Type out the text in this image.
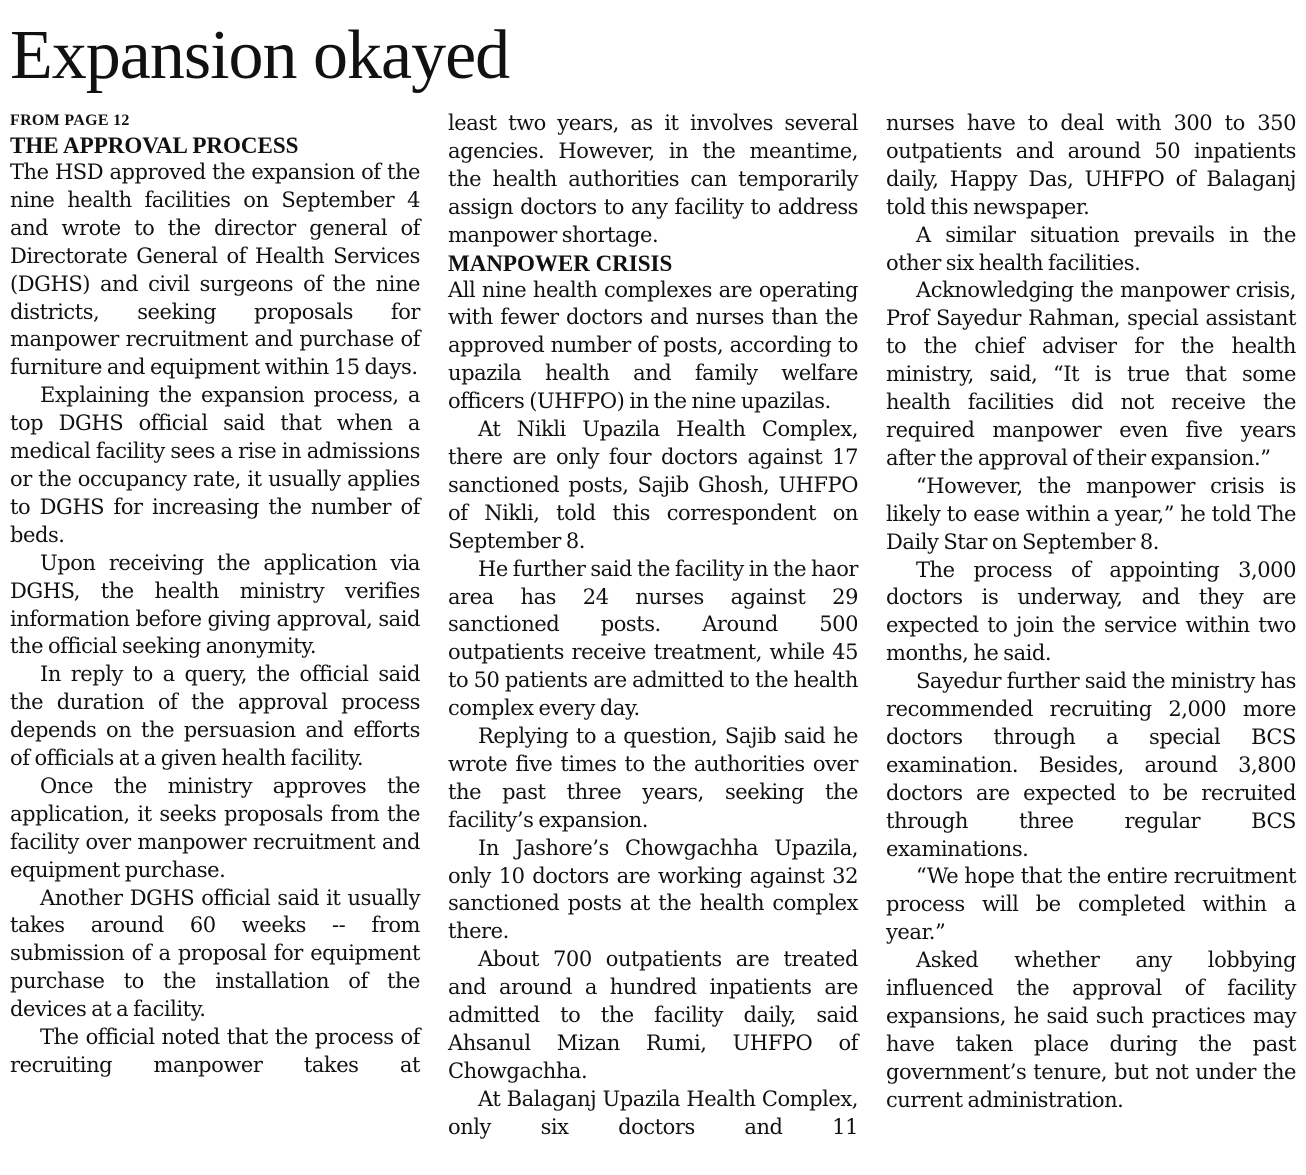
Expansion okayed

FROM PAGE 12

THE APPROVAL PROCESS

The HSD approved the expansion of the nine health facilities on September 4 and wrote to the director general of Directorate General of Health Services (DGHS) and civil surgeons of the nine districts, seeking proposals for manpower recruitment and purchase of furniture and equipment within 15 days.

Explaining the expansion process, a top DGHS official said that when a medical facility sees a rise in admissions or the occupancy rate, it usually applies to DGHS for increasing the number of beds.

Upon receiving the application via DGHS, the health ministry verifies information before giving approval, said the official seeking anonymity.

In reply to a query, the official said the duration of the approval process depends on the persuasion and efforts of officials at a given health facility.

Once the ministry approves the application, it seeks proposals from the facility over manpower recruitment and equipment purchase.

Another DGHS official said it usually takes around 60 weeks -- from submission of a proposal for equipment purchase to the installation of the devices at a facility.

The official noted that the process of recruiting manpower takes at

least two years, as it involves several agencies. However, in the meantime, the health authorities can temporarily assign doctors to any facility to address manpower shortage.

MANPOWER CRISIS

All nine health complexes are operating with fewer doctors and nurses than the approved number of posts, according to upazila health and family welfare officers (UHFPO) in the nine upazilas.

At Nikli Upazila Health Complex, there are only four doctors against 17 sanctioned posts, Sajib Ghosh, UHFPO of Nikli, told this correspondent on September 8.

He further said the facility in the haor area has 24 nurses against 29 sanctioned posts. Around 500 outpatients receive treatment, while 45 to 50 patients are admitted to the health complex every day.

Replying to a question, Sajib said he wrote five times to the authorities over the past three years, seeking the facility’s expansion.

In Jashore’s Chowgachha Upazila, only 10 doctors are working against 32 sanctioned posts at the health complex there.

About 700 outpatients are treated and around a hundred inpatients are admitted to the facility daily, said Ahsanul Mizan Rumi, UHFPO of Chowgachha.

At Balaganj Upazila Health Complex, only six doctors and 11

nurses have to deal with 300 to 350 outpatients and around 50 inpatients daily, Happy Das, UHFPO of Balaganj told this newspaper.

A similar situation prevails in the other six health facilities.

Acknowledging the manpower crisis, Prof Sayedur Rahman, special assistant to the chief adviser for the health ministry, said, “It is true that some health facilities did not receive the required manpower even five years after the approval of their expansion.”

“However, the manpower crisis is likely to ease within a year,” he told The Daily Star on September 8.

The process of appointing 3,000 doctors is underway, and they are expected to join the service within two months, he said.

Sayedur further said the ministry has recommended recruiting 2,000 more doctors through a special BCS examination. Besides, around 3,800 doctors are expected to be recruited through three regular BCS examinations.

“We hope that the entire recruitment process will be completed within a year.”

Asked whether any lobbying influenced the approval of facility expansions, he said such practices may have taken place during the past government’s tenure, but not under the current administration.
